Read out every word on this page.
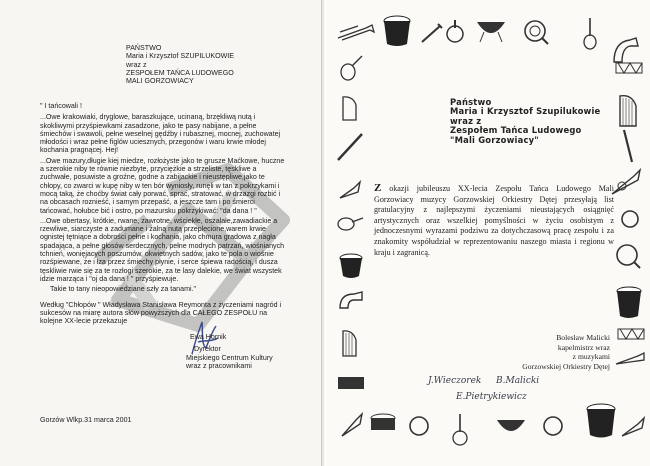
PAŃSTWO
Maria i Krzysztof SZUPILUKOWIE
wraz z
ZESPOŁEM TAŃCA LUDOWEGO
MALI GORZOWIACY

" I tańcowali !

...Owe krakowiaki, dryglowe, baraszkujące, ucinaną, brzękliwą nutą i skokliwymi przyśpiewkami zasadzone, jako te pasy nabijane, a pełne śmiechów i swawoli, pełne weselnej gędźby i rubasznej, mocnej, zuchowatej młodości i wraz pełne figlów uciesznych, przegonów i waru krwie młodej kochania pragnącej. Hej!

...Owe mazury,długie kiej miedze, rozłożyste jako te grusze Maćkowe, huczne a szerokie niby te równie niezbyte, przyciężkie a strzeliste, tęskliwe a zuchwałe, posuwiste a groźne, godne a zabijackie i nieustępliwe,jako te chłopy, co zwarci w kupę niby w ten bór wyniosły, runęli w tan z pokrzykami i mocą taką, że choćby świat cały porwać, sprać, stratować, w drzazgi rozbić i na obcasach roznieść, i samym przepaść, a jeszcze tam i po śmierci tańcować, hołubce bić i ostro, po mazursku pokrzykiwać: "da dana ! "

...Owe obertasy, krótkie, rwane, zawrotne, wściekłe, oszalałe,zawadiackie a rzewliwe, siarczyste a zadumane i żalną nutą przeplecione,warem krwie ognistej tętniące a dobrości pełne i kochania, jako chmura gradowa z nagła spadająca, a pełne głosów serdecznych, pełne modrych patrzań, wiośnianych tchnień, wonięjacych poszumów, okwietnych sadów, jako te pola o wiośnie rozśpiewane, że i łza przez śmiechy płynie, i serce śpiewa radością, i dusza tęskliwie rwie się za te rozłogi szerokie, za te lasy dalekie, we świat wszystek idzie marząca i "oj da dana ! " przyśpiewuje.

Takie to tany nieopowiedziane szły za tanami."

Według "Chłopów " Władysława Stanisława Reymonta z życzeniami nagród i sukcesów na miarę autora słów powyższych dla CAŁEGO ZESPOŁU na kolejne XX-lecie przekazuje

Ewa Hornik
Dyrektor
Miejskiego Centrum Kultury
wraz z pracownikami
Gorzów Wlkp.31 marca 2001
Państwo
Maria i Krzysztof Szupilukowie
wraz z
Zespołem Tańca Ludowego
"Mali Gorzowiacy"
Z okazji jubileuszu XX-lecia Zespołu Tańca Ludowego Mali Gorzowiacy muzycy Gorzowskiej Orkiestry Dętej przesyłają list gratulacyjny z najlepszymi życzeniami nieustających osiągnięć artystycznych oraz wszelkiej pomyślności w życiu osobistym z jednoczesnymi wyrazami podziwu za dotychczasową pracę zespołu i za znakomity współudział w reprezentowaniu naszego miasta i regionu w kraju i zagranicą.
Bolesław Malicki
kapelmistrz wraz
z muzykami
Gorzowskiej Orkiestry Dętej
J.Wieczorek B.Malicki
E.Pietrykiewicz
